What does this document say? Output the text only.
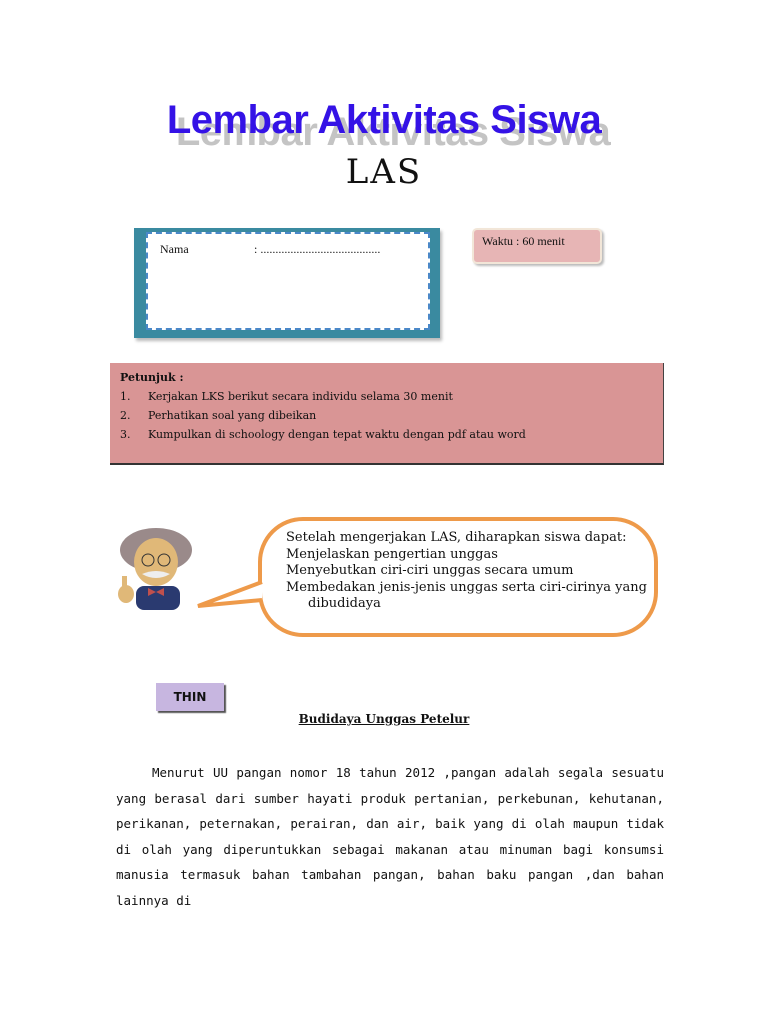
Lembar Aktivitas Siswa
LAS
Nama	: ........................................
Waktu : 60 menit
Petunjuk :
1.	Kerjakan LKS berikut secara individu selama 30 menit
2.	Perhatikan soal yang dibeikan
3.	Kumpulkan di schoology dengan tepat waktu dengan pdf atau word
Setelah mengerjakan LAS, diharapkan siswa dapat:
Menjelaskan pengertian unggas
Menyebutkan ciri-ciri unggas secara umum
Membedakan jenis-jenis unggas serta ciri-cirinya yang
dibudidaya
THIN
Budidaya Unggas Petelur
Menurut UU pangan nomor 18 tahun 2012 ,pangan adalah segala sesuatu yang berasal dari sumber hayati produk pertanian, perkebunan, kehutanan, perikanan, peternakan, perairan, dan air, baik yang di olah maupun tidak di olah yang diperuntukkan sebagai makanan atau minuman bagi konsumsi manusia termasuk bahan tambahan pangan, bahan baku pangan ,dan bahan lainnya di
